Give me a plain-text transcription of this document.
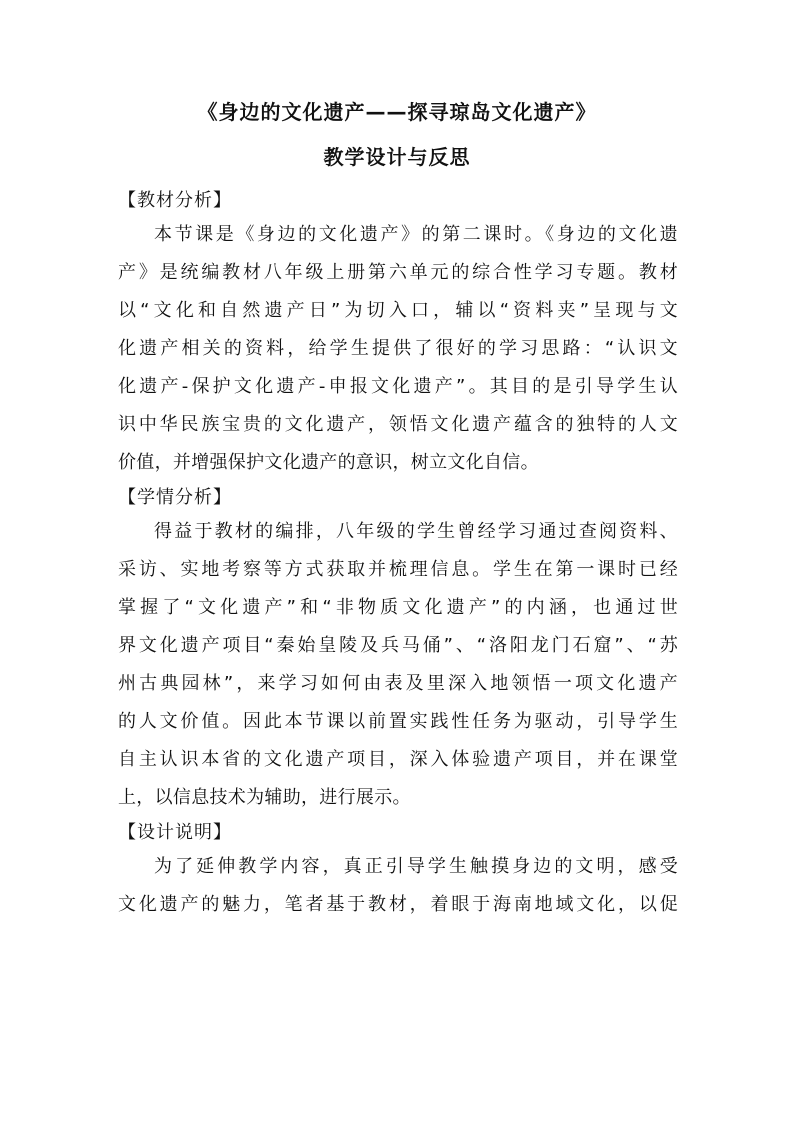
《身边的文化遗产——探寻琼岛文化遗产》
教学设计与反思
【教材分析】

本节课是《身边的文化遗产》的第二课时。《身边的文化遗

产》是统编教材八年级上册第六单元的综合性学习专题。教材

以“文化和自然遗产日”为切入口，辅以“资料夹”呈现与文

化遗产相关的资料，给学生提供了很好的学习思路：“认识文

化遗产-保护文化遗产-申报文化遗产”。其目的是引导学生认

识中华民族宝贵的文化遗产，领悟文化遗产蕴含的独特的人文

价值，并增强保护文化遗产的意识，树立文化自信。

【学情分析】

得益于教材的编排，八年级的学生曾经学习通过查阅资料、

采访、实地考察等方式获取并梳理信息。学生在第一课时已经

掌握了“文化遗产”和“非物质文化遗产”的内涵，也通过世

界文化遗产项目“秦始皇陵及兵马俑”、“洛阳龙门石窟”、“苏

州古典园林”，来学习如何由表及里深入地领悟一项文化遗产

的人文价值。因此本节课以前置实践性任务为驱动，引导学生

自主认识本省的文化遗产项目，深入体验遗产项目，并在课堂

上，以信息技术为辅助，进行展示。

【设计说明】

为了延伸教学内容，真正引导学生触摸身边的文明，感受

文化遗产的魅力，笔者基于教材，着眼于海南地域文化，以促
